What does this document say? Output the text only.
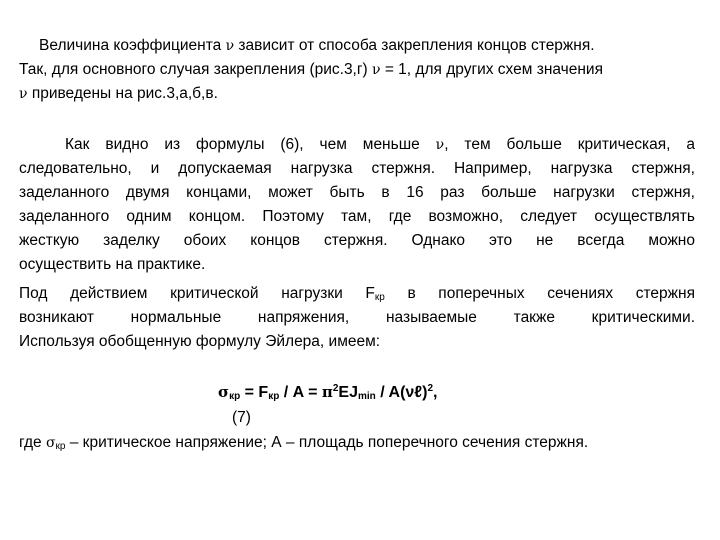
Величина коэффициента ν зависит от способа закрепления концов стержня.
Так, для основного случая закрепления (рис.3,г) ν = 1, для других схем значения
ν приведены на рис.3,а,б,в.
Как видно из формулы (6), чем меньше ν, тем больше критическая, а
следовательно, и допускаемая нагрузка стержня. Например, нагрузка стержня,
заделанного двумя концами, может быть в 16 раз больше нагрузки стержня,
заделанного одним концом. Поэтому там, где возможно, следует осуществлять
жесткую заделку обоих концов стержня. Однако это не всегда можно
осуществить на практике.
Под действием критической нагрузки $F_{кр}$ в поперечных сечениях стержня
возникают нормальные напряжения, называемые также критическими.
Используя обобщенную формулу Эйлера, имеем:
$\sigma_{кр} = F_{кр} / A = \pi^2EJ_{min}$ / A(νℓ)$^2$,
(7)
где $\sigma_{кр}$ – критическое напряжение; А – площадь поперечного сечения стержня.
